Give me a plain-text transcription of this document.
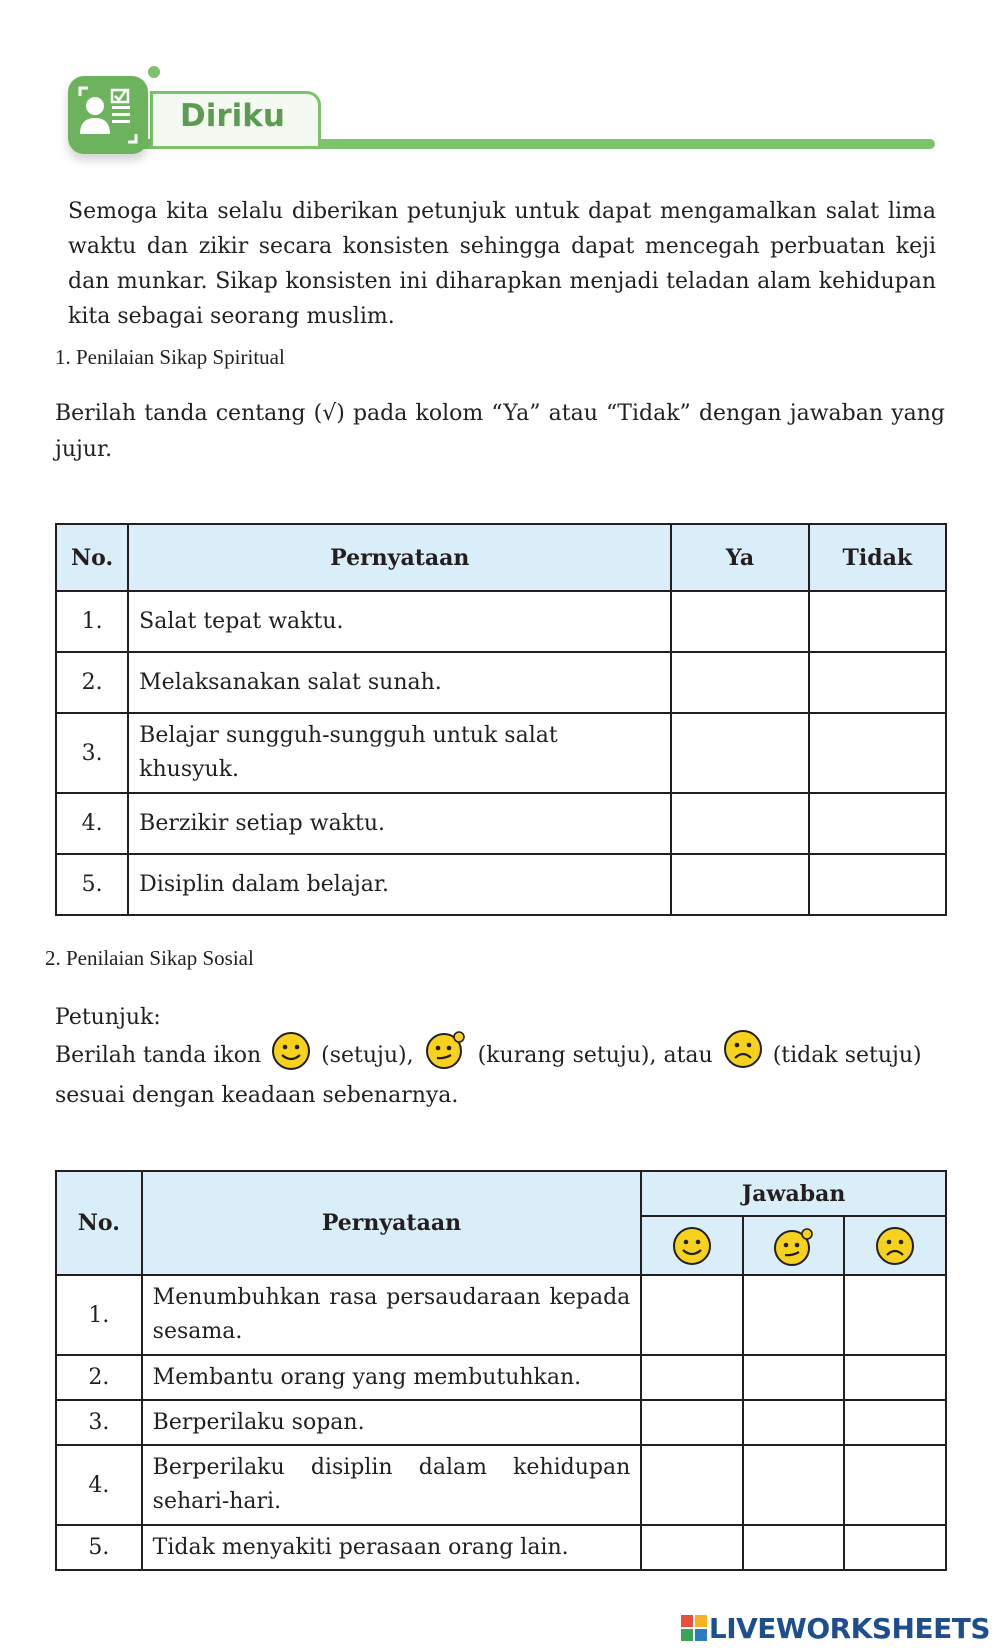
Diriku
Semoga kita selalu diberikan petunjuk untuk dapat mengamalkan salat lima waktu dan zikir secara konsisten sehingga dapat mencegah perbuatan keji dan munkar. Sikap konsisten ini diharapkan menjadi teladan alam kehidupan kita sebagai seorang muslim.
1. Penilaian Sikap Spiritual
Berilah tanda centang (√) pada kolom “Ya” atau “Tidak” dengan jawaban yang jujur.
No.	Pernyataan	Ya	Tidak
1.	Salat tepat waktu.		
2.	Melaksanakan salat sunah.		
3.	Belajar sungguh-sungguh untuk salat khusyuk.		
4.	Berzikir setiap waktu.		
5.	Disiplin dalam belajar.		
2. Penilaian Sikap Sosial
Petunjuk:
Berilah tanda ikon	(setuju),	(kurang setuju), atau	(tidak setuju)
sesuai dengan keadaan sebenarnya.
No.	Pernyataan	Jawaban		

1.	Menumbuhkan rasa persaudaraan kepada sesama.			
2.	Membantu orang yang membutuhkan.			
3.	Berperilaku sopan.			
4.	Berperilaku disiplin dalam kehidupan sehari-hari.			
5.	Tidak menyakiti perasaan orang lain.			
LIVEWORKSHEETS
